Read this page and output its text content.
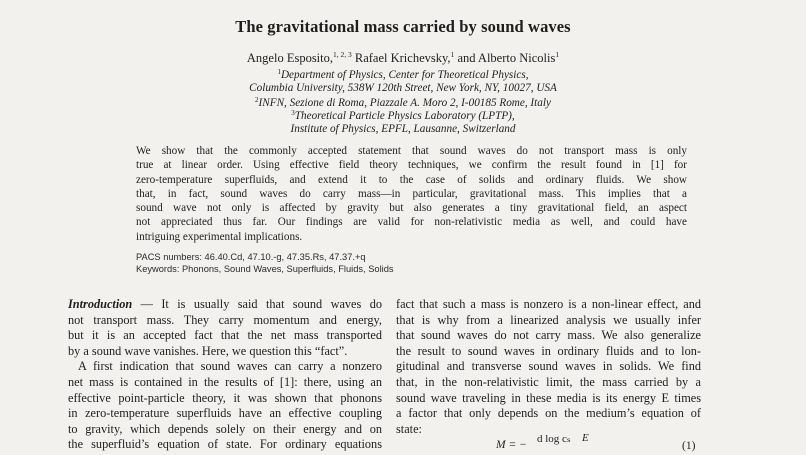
The gravitational mass carried by sound waves
Angelo Esposito,$^{1, 2, 3}$ Rafael Krichevsky,$^1$ and Alberto Nicolis$^1$
$^1$Department of Physics, Center for Theoretical Physics,
Columbia University, 538W 120th Street, New York, NY, 10027, USA
$^2$INFN, Sezione di Roma, Piazzale A. Moro 2, I-00185 Rome, Italy
$^3$Theoretical Particle Physics Laboratory (LPTP),
Institute of Physics, EPFL, Lausanne, Switzerland
We show that the commonly accepted statement that sound waves do not transport mass is only
true at linear order. Using effective field theory techniques, we confirm the result found in [1] for
zero-temperature superfluids, and extend it to the case of solids and ordinary fluids. We show
that, in fact, sound waves do carry mass—in particular, gravitational mass. This implies that a
sound wave not only is affected by gravity but also generates a tiny gravitational field, an aspect
not appreciated thus far. Our findings are valid for non-relativistic media as well, and could have
intriguing experimental implications.
PACS numbers: 46.40.Cd, 47.10.-g, 47.35.Rs, 47.37.+q
Keywords: Phonons, Sound Waves, Superfluids, Fluids, Solids
Introduction — It is usually said that sound waves do
not transport mass. They carry momentum and energy,
but it is an accepted fact that the net mass transported
by a sound wave vanishes. Here, we question this “fact”.
A first indication that sound waves can carry a nonzero
net mass is contained in the results of [1]: there, using an
effective point-particle theory, it was shown that phonons
in zero-temperature superfluids have an effective coupling
to gravity, which depends solely on their energy and on
the superfluid’s equation of state. For ordinary equations
fact that such a mass is nonzero is a non-linear effect, and
that is why from a linearized analysis we usually infer
that sound waves do not carry mass. We also generalize
the result to sound waves in ordinary fluids and to lon-
gitudinal and transverse sound waves in solids. We find
that, in the non-relativistic limit, the mass carried by a
sound wave traveling in these media is its energy E times
a factor that only depends on the medium’s equation of
state:
M = − d log cₛ E
(1)
